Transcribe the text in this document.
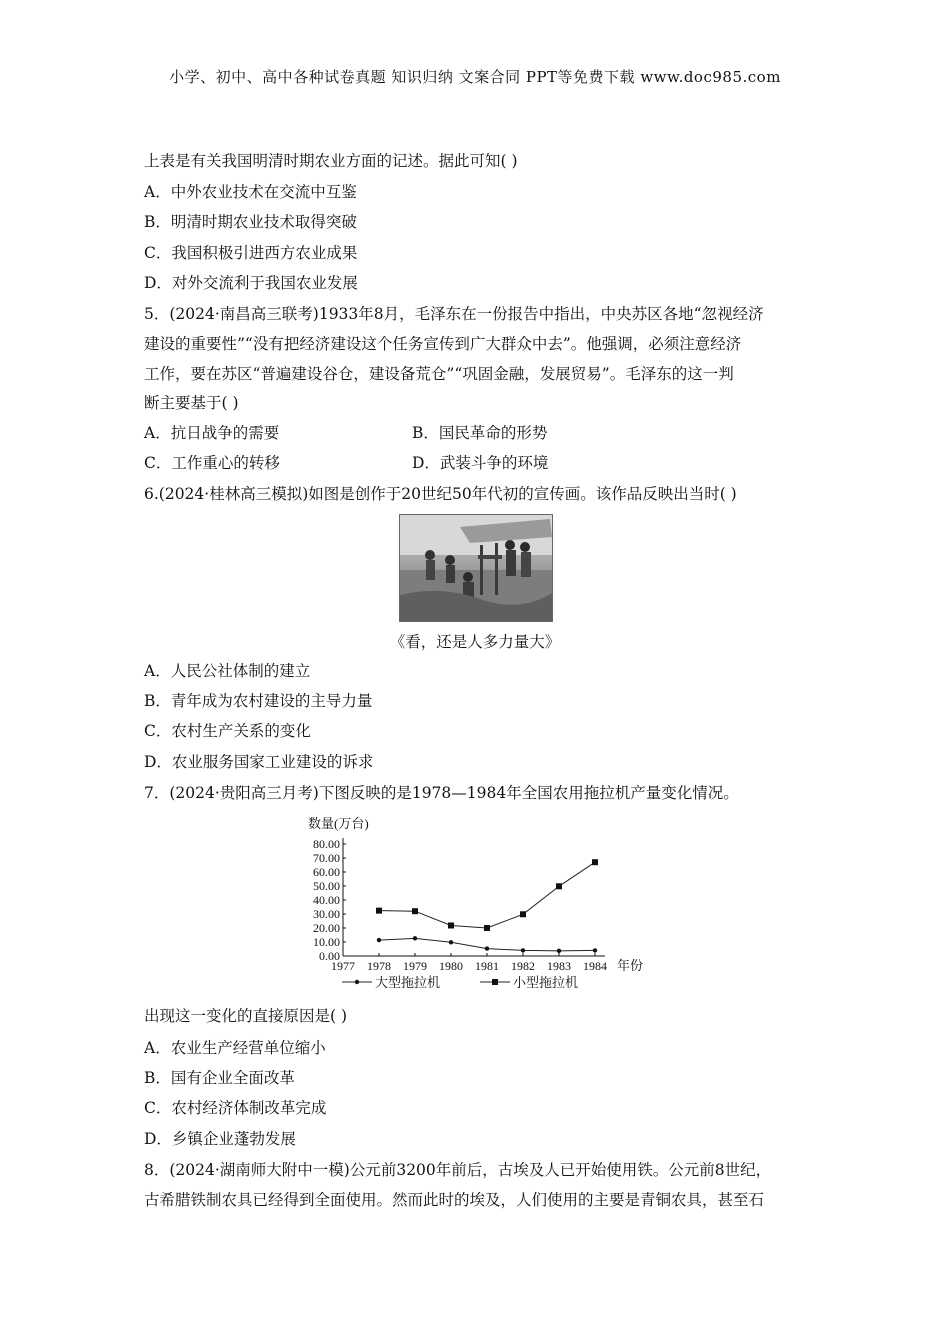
小学、初中、高中各种试卷真题 知识归纳 文案合同 PPT等免费下载 www.doc985.com
上表是有关我国明清时期农业方面的记述。据此可知( )
A．中外农业技术在交流中互鉴
B．明清时期农业技术取得突破
C．我国积极引进西方农业成果
D．对外交流利于我国农业发展
5．(2024·南昌高三联考)1933年8月，毛泽东在一份报告中指出，中央苏区各地“忽视经济
建设的重要性”“没有把经济建设这个任务宣传到广大群众中去”。他强调，必须注意经济
工作，要在苏区“普遍建设谷仓，建设备荒仓”“巩固金融，发展贸易”。毛泽东的这一判
断主要基于( )
A．抗日战争的需要	B．国民革命的形势
C．工作重心的转移	D．武装斗争的环境
6.(2024·桂林高三模拟)如图是创作于20世纪50年代初的宣传画。该作品反映出当时( )
《看，还是人多力量大》
A．人民公社体制的建立
B．青年成为农村建设的主导力量
C．农村生产关系的变化
D．农业服务国家工业建设的诉求
7．(2024·贵阳高三月考)下图反映的是1978—1984年全国农用拖拉机产量变化情况。
数量(万台)
0.00
10.00
20.00
30.00
40.00
50.00
60.00
70.00
80.00
1977 1978 1979 1980 1981 1982 1983 1984 年份
大型拖拉机	小型拖拉机
出现这一变化的直接原因是( )
A．农业生产经营单位缩小
B．国有企业全面改革
C．农村经济体制改革完成
D．乡镇企业蓬勃发展
8．(2024·湖南师大附中一模)公元前3200年前后，古埃及人已开始使用铁。公元前8世纪，
古希腊铁制农具已经得到全面使用。然而此时的埃及，人们使用的主要是青铜农具，甚至石
